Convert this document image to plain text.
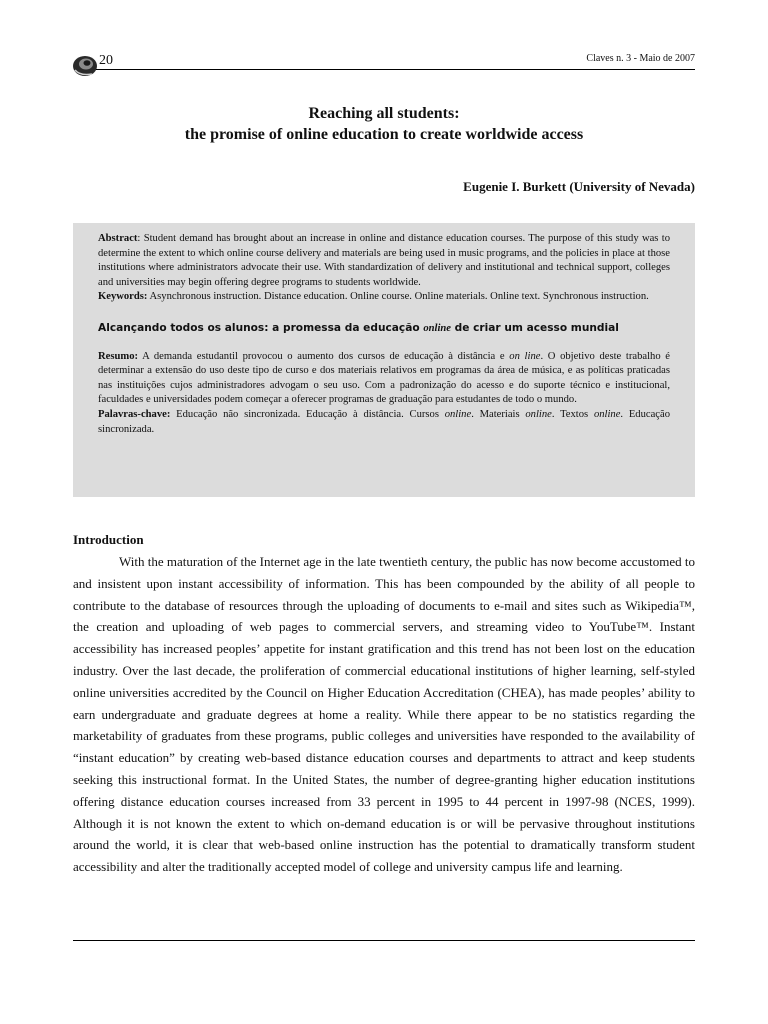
20	Claves n. 3 - Maio de 2007
Reaching all students:
the promise of online education to create worldwide access
Eugenie I. Burkett (University of Nevada)

Abstract: Student demand has brought about an increase in online and distance education courses. The purpose of this study was to determine the extent to which online course delivery and materials are being used in music programs, and the policies in place at those institutions where administrators advocate their use. With standardization of delivery and institutional and technical support, colleges and universities may begin offering degree programs to students worldwide.

Keywords: Asynchronous instruction. Distance education. Online course. Online materials. Online text. Synchronous instruction.

Alcançando todos os alunos: a promessa da educação online de criar um acesso mundial

Resumo: A demanda estudantil provocou o aumento dos cursos de educação à distância e on line. O objetivo deste trabalho é determinar a extensão do uso deste tipo de curso e dos materiais relativos em programas da área de música, e as políticas praticadas nas instituições cujos administradores advogam o seu uso. Com a padronização do acesso e do suporte técnico e institucional, faculdades e universidades podem começar a oferecer programas de graduação para estudantes de todo o mundo.

Palavras-chave: Educação não sincronizada. Educação à distância. Cursos online. Materiais online. Textos online. Educação sincronizada.

Introduction

With the maturation of the Internet age in the late twentieth century, the public has now become accustomed to and insistent upon instant accessibility of information. This has been compounded by the ability of all people to contribute to the database of resources through the uploading of documents to e-mail and sites such as Wikipedia™, the creation and uploading of web pages to commercial servers, and streaming video to YouTube™. Instant accessibility has increased peoples’ appetite for instant gratification and this trend has not been lost on the education industry. Over the last decade, the proliferation of commercial educational institutions of higher learning, self-styled online universities accredited by the Council on Higher Education Accreditation (CHEA), has made peoples’ ability to earn undergraduate and graduate degrees at home a reality. While there appear to be no statistics regarding the marketability of graduates from these programs, public colleges and universities have responded to the availability of “instant education” by creating web-based distance education courses and departments to attract and keep students seeking this instructional format. In the United States, the number of degree-granting higher education institutions offering distance education courses increased from 33 percent in 1995 to 44 percent in 1997-98 (NCES, 1999). Although it is not known the extent to which on-demand education is or will be pervasive throughout institutions around the world, it is clear that web-based online instruction has the potential to dramatically transform student accessibility and alter the traditionally accepted model of college and university campus life and learning.
